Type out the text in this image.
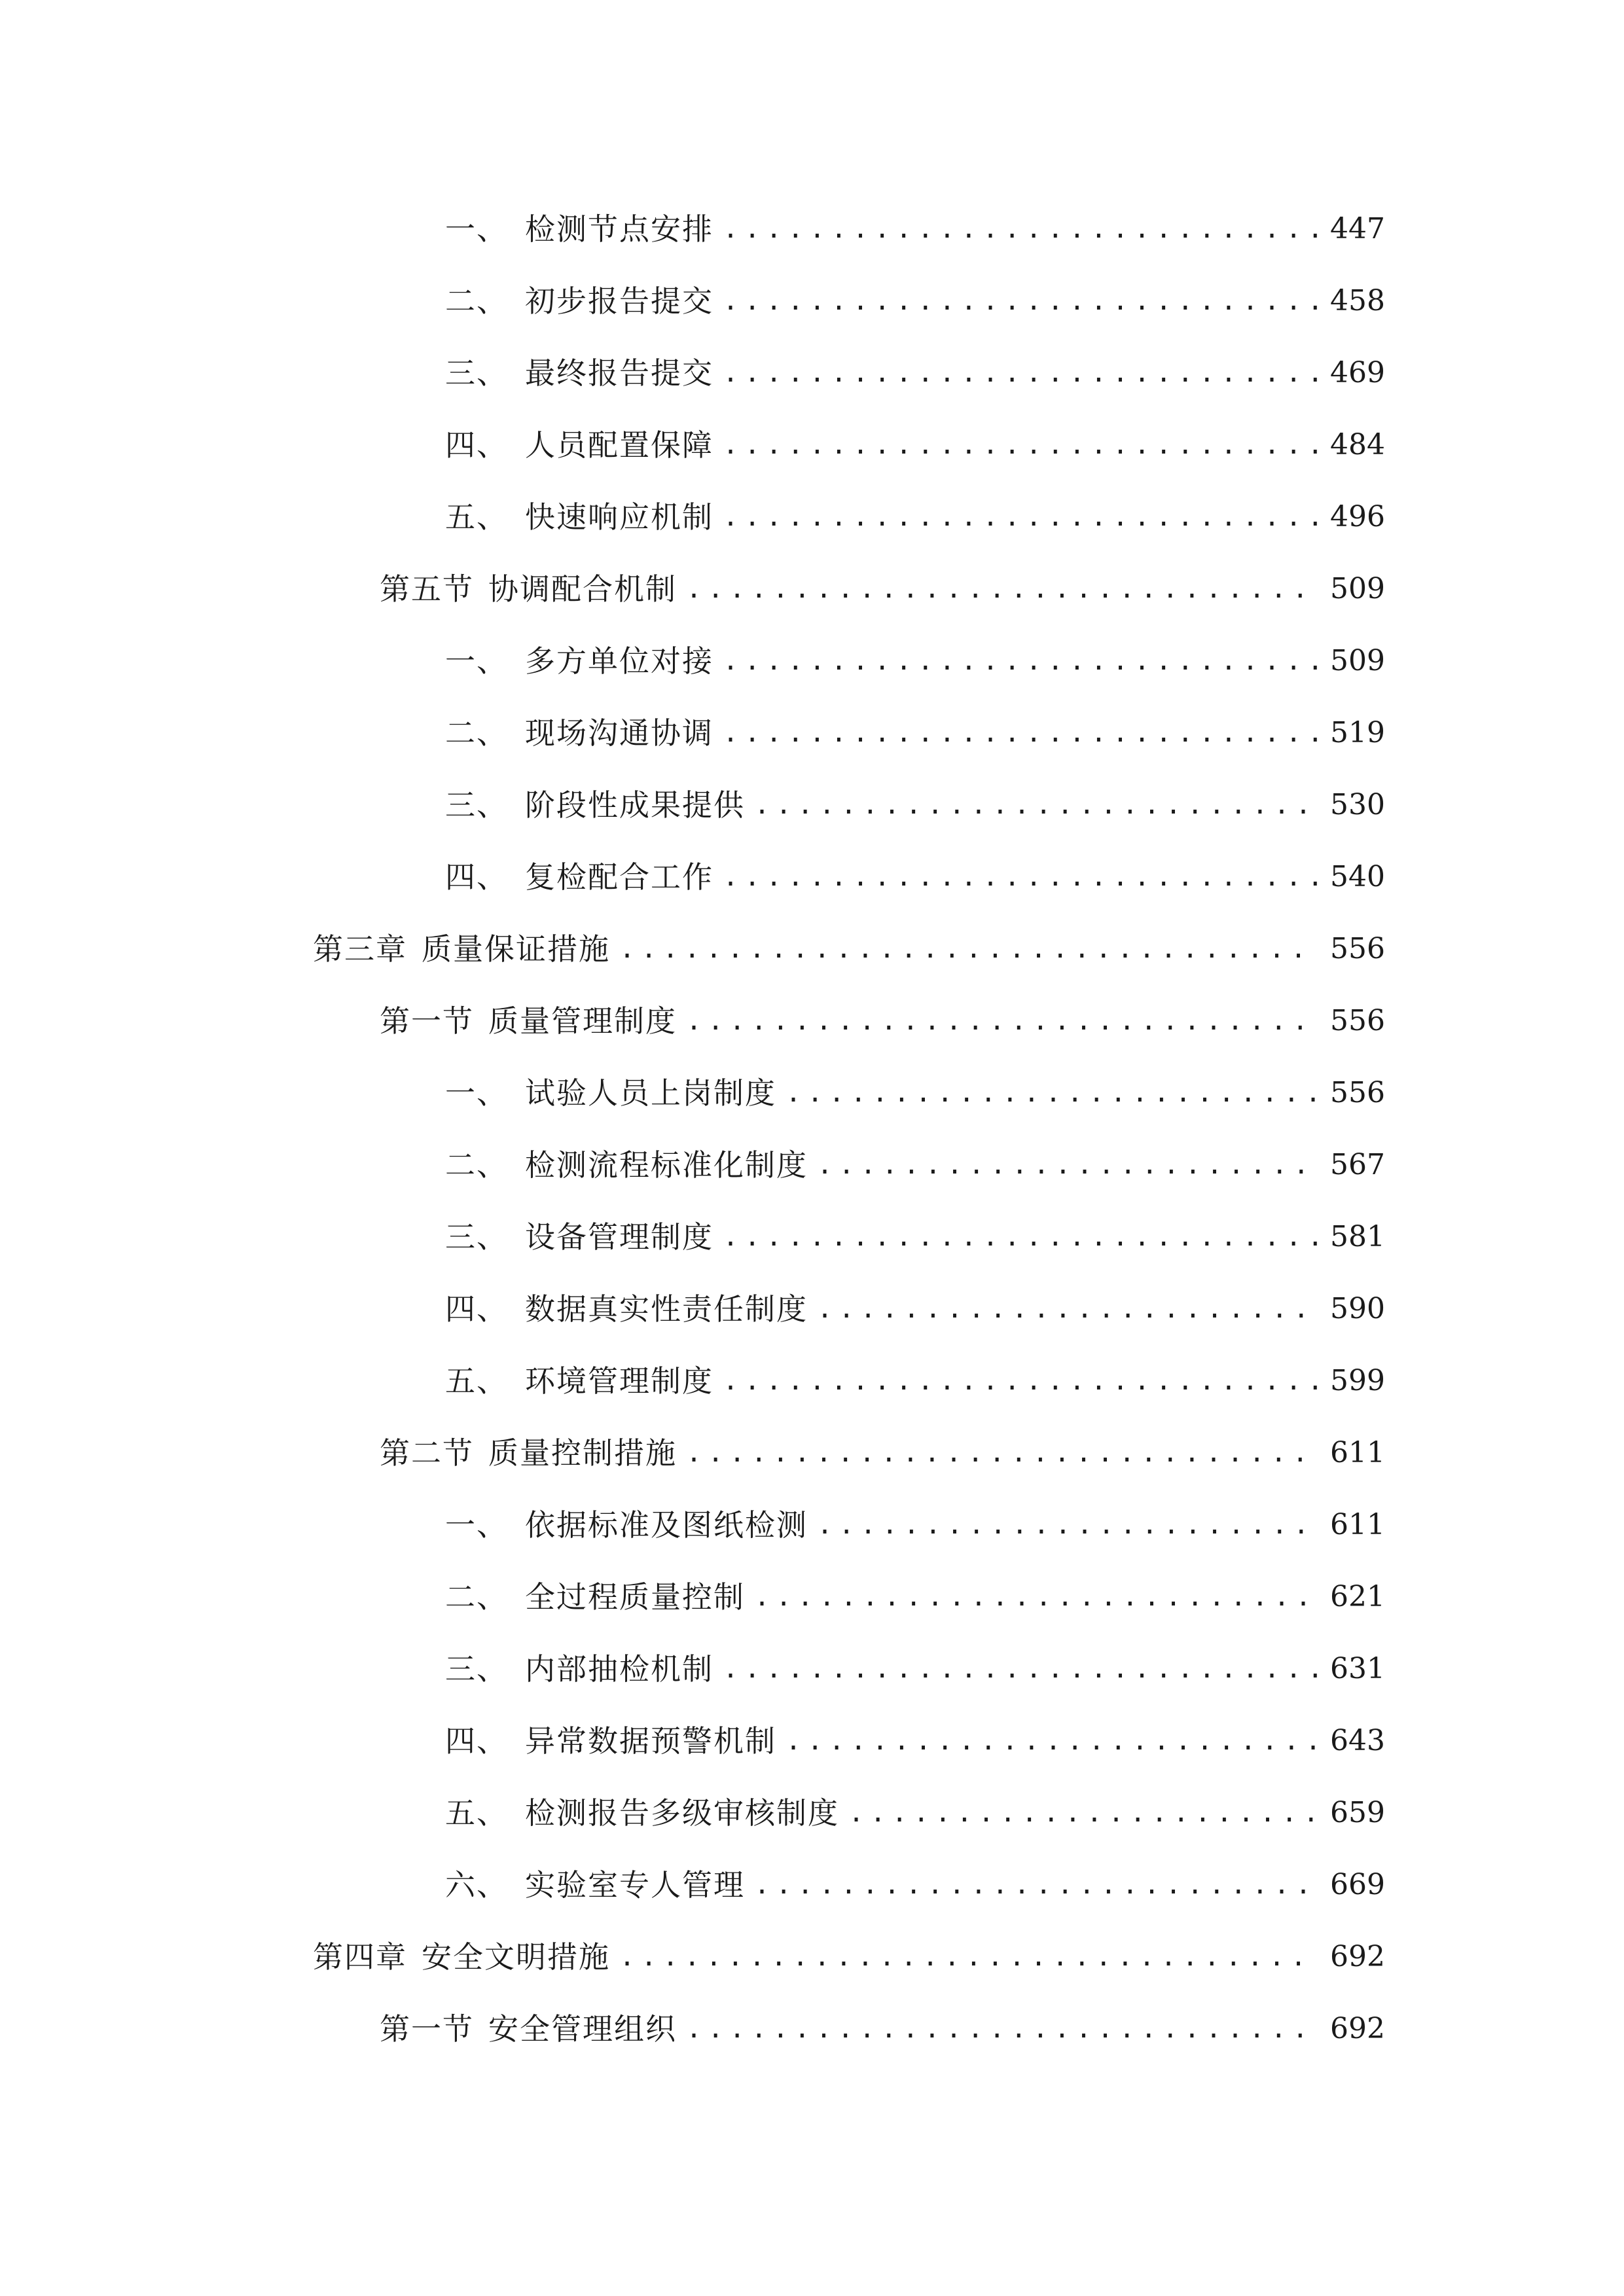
一、 检测节点安排 .....	447
二、 初步报告提交 .....	458
三、 最终报告提交 .....	469
四、 人员配置保障 .....	484
五、 快速响应机制 .....	496
第五节 协调配合机制 .....	509
一、 多方单位对接 .....	509
二、 现场沟通协调 .....	519
三、 阶段性成果提供 .....	530
四、 复检配合工作 .....	540
第三章 质量保证措施 .....	556
第一节 质量管理制度 .....	556
一、 试验人员上岗制度 .....	556
二、 检测流程标准化制度 .....	567
三、 设备管理制度 .....	581
四、 数据真实性责任制度 .....	590
五、 环境管理制度 .....	599
第二节 质量控制措施 .....	611
一、 依据标准及图纸检测 .....	611
二、 全过程质量控制 .....	621
三、 内部抽检机制 .....	631
四、 异常数据预警机制 .....	643
五、 检测报告多级审核制度 .....	659
六、 实验室专人管理 .....	669
第四章 安全文明措施 .....	692
第一节 安全管理组织 .....	692
